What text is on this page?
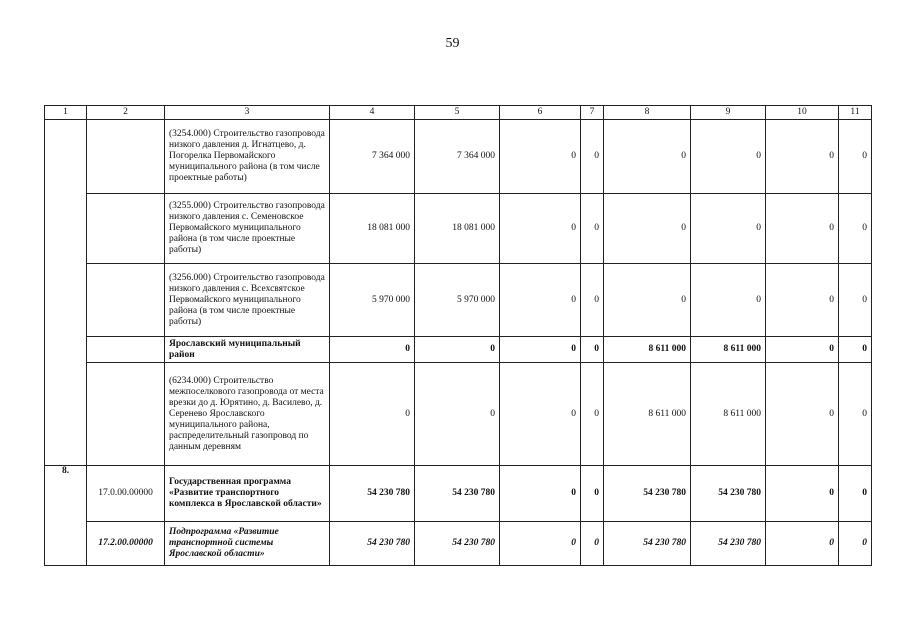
59
1	2	3	4	5	6	7	8	9	10	11
		(3254.000) Строительство газопровода низкого давления д. Игнатцево, д. Погорелка Первомайского муниципального района (в том числе проектные работы)	7 364 000	7 364 000	0	0	0	0	0	0
		(3255.000) Строительство газопровода низкого давления с. Семеновское Первомайского муниципального района (в том числе проектные работы)	18 081 000	18 081 000	0	0	0	0	0	0
		(3256.000) Строительство газопровода низкого давления с. Всехсвятское Первомайского муниципального района (в том числе проектные работы)	5 970 000	5 970 000	0	0	0	0	0	0
		Ярославский муниципальный район	0	0	0	0	8 611 000	8 611 000	0	0
		(6234.000) Строительство межпоселкового газопровода от места врезки до д. Юрятино, д. Василево, д. Серенево Ярославского муниципального района, распределительный газопровод по данным деревням	0	0	0	0	8 611 000	8 611 000	0	0
8.	17.0.00.00000	Государственная программа «Развитие транспортного комплекса в Ярославской области»	54 230 780	54 230 780	0	0	54 230 780	54 230 780	0	0
	17.2.00.00000	Подпрограмма «Развитие транспортной системы Ярославской области»	54 230 780	54 230 780	0	0	54 230 780	54 230 780	0	0
